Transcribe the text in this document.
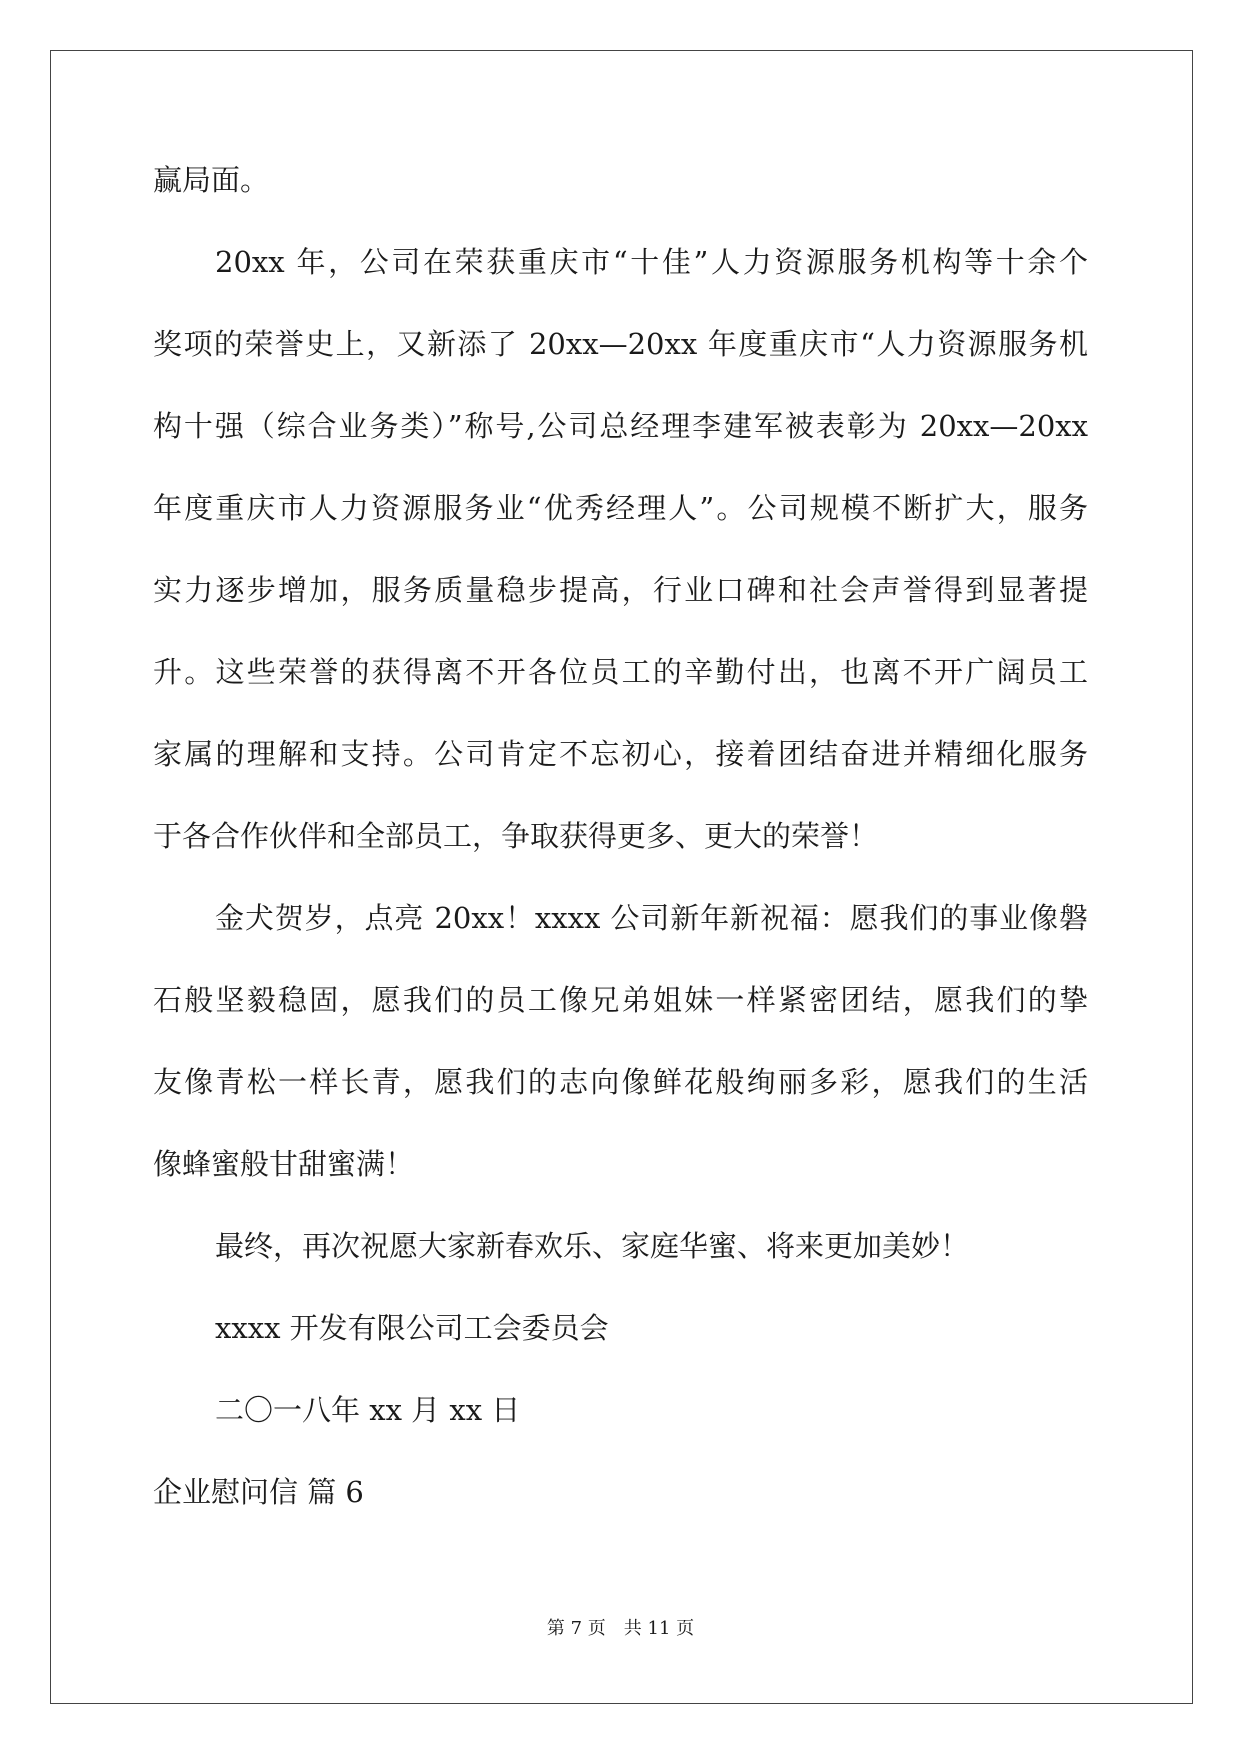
赢局面。
20xx 年，公司在荣获重庆市“十佳”人力资源服务机构等十余个
奖项的荣誉史上，又新添了 20xx—20xx 年度重庆市“人力资源服务机
构十强（综合业务类）”称号,公司总经理李建军被表彰为 20xx—20xx
年度重庆市人力资源服务业“优秀经理人”。公司规模不断扩大，服务
实力逐步增加，服务质量稳步提高，行业口碑和社会声誉得到显著提
升。这些荣誉的获得离不开各位员工的辛勤付出，也离不开广阔员工
家属的理解和支持。公司肯定不忘初心，接着团结奋进并精细化服务
于各合作伙伴和全部员工，争取获得更多、更大的荣誉！
金犬贺岁，点亮 20xx！xxxx 公司新年新祝福：愿我们的事业像磐
石般坚毅稳固，愿我们的员工像兄弟姐妹一样紧密团结，愿我们的挚
友像青松一样长青，愿我们的志向像鲜花般绚丽多彩，愿我们的生活
像蜂蜜般甘甜蜜满！
最终，再次祝愿大家新春欢乐、家庭华蜜、将来更加美妙！
xxxx 开发有限公司工会委员会
二〇一八年 xx 月 xx 日
企业慰问信 篇 6
第 7 页 共 11 页
